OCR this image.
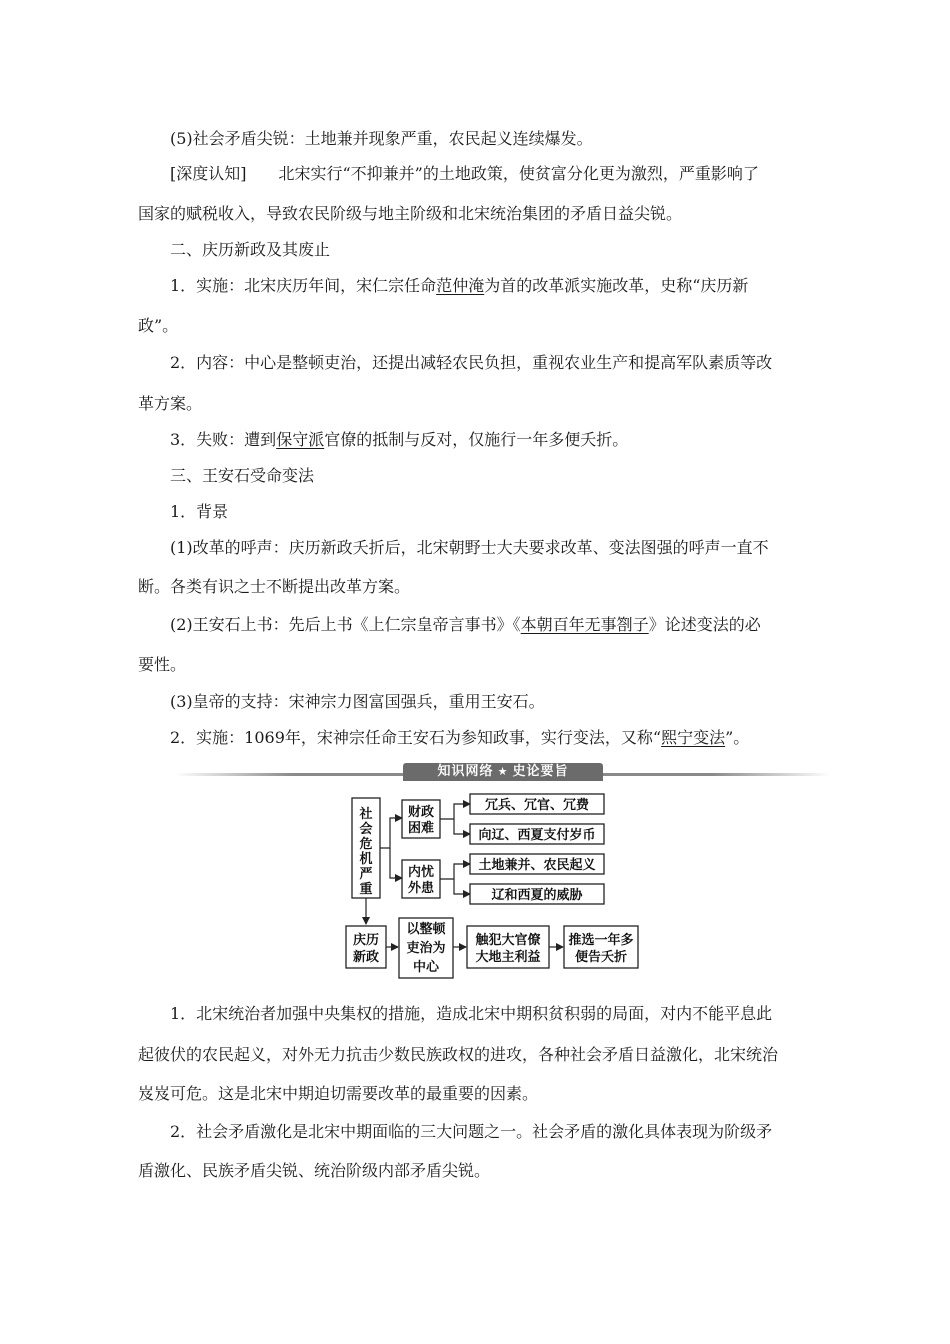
(5)社会矛盾尖锐：土地兼并现象严重，农民起义连续爆发。
[深度认知]　　北宋实行“不抑兼并”的土地政策，使贫富分化更为激烈，严重影响了
国家的赋税收入，导致农民阶级与地主阶级和北宋统治集团的矛盾日益尖锐。
二、庆历新政及其废止
1．实施：北宋庆历年间，宋仁宗任命范仲淹为首的改革派实施改革，史称“庆历新
政”。
2．内容：中心是整顿吏治，还提出减轻农民负担，重视农业生产和提高军队素质等改
革方案。
3．失败：遭到保守派官僚的抵制与反对，仅施行一年多便夭折。
三、王安石受命变法
1．背景
(1)改革的呼声：庆历新政夭折后，北宋朝野士大夫要求改革、变法图强的呼声一直不
断。各类有识之士不断提出改革方案。
(2)王安石上书：先后上书《上仁宗皇帝言事书》《本朝百年无事劄子》论述变法的必
要性。
(3)皇帝的支持：宋神宗力图富国强兵，重用王安石。
2．实施：1069年，宋神宗任命王安石为参知政事，实行变法，又称“熙宁变法”。
知识网络 ★ 史论要旨
社
会
危
机
严
重
财政
困难
冗兵、冗官、冗费
向辽、西夏支付岁币
内忧
外患
土地兼并、农民起义
辽和西夏的威胁
庆历
新政
以整顿
吏治为
中心
触犯大官僚
大地主利益
推选一年多
便告夭折
1．北宋统治者加强中央集权的措施，造成北宋中期积贫积弱的局面，对内不能平息此
起彼伏的农民起义，对外无力抗击少数民族政权的进攻，各种社会矛盾日益激化，北宋统治
岌岌可危。这是北宋中期迫切需要改革的最重要的因素。
2．社会矛盾激化是北宋中期面临的三大问题之一。社会矛盾的激化具体表现为阶级矛
盾激化、民族矛盾尖锐、统治阶级内部矛盾尖锐。
